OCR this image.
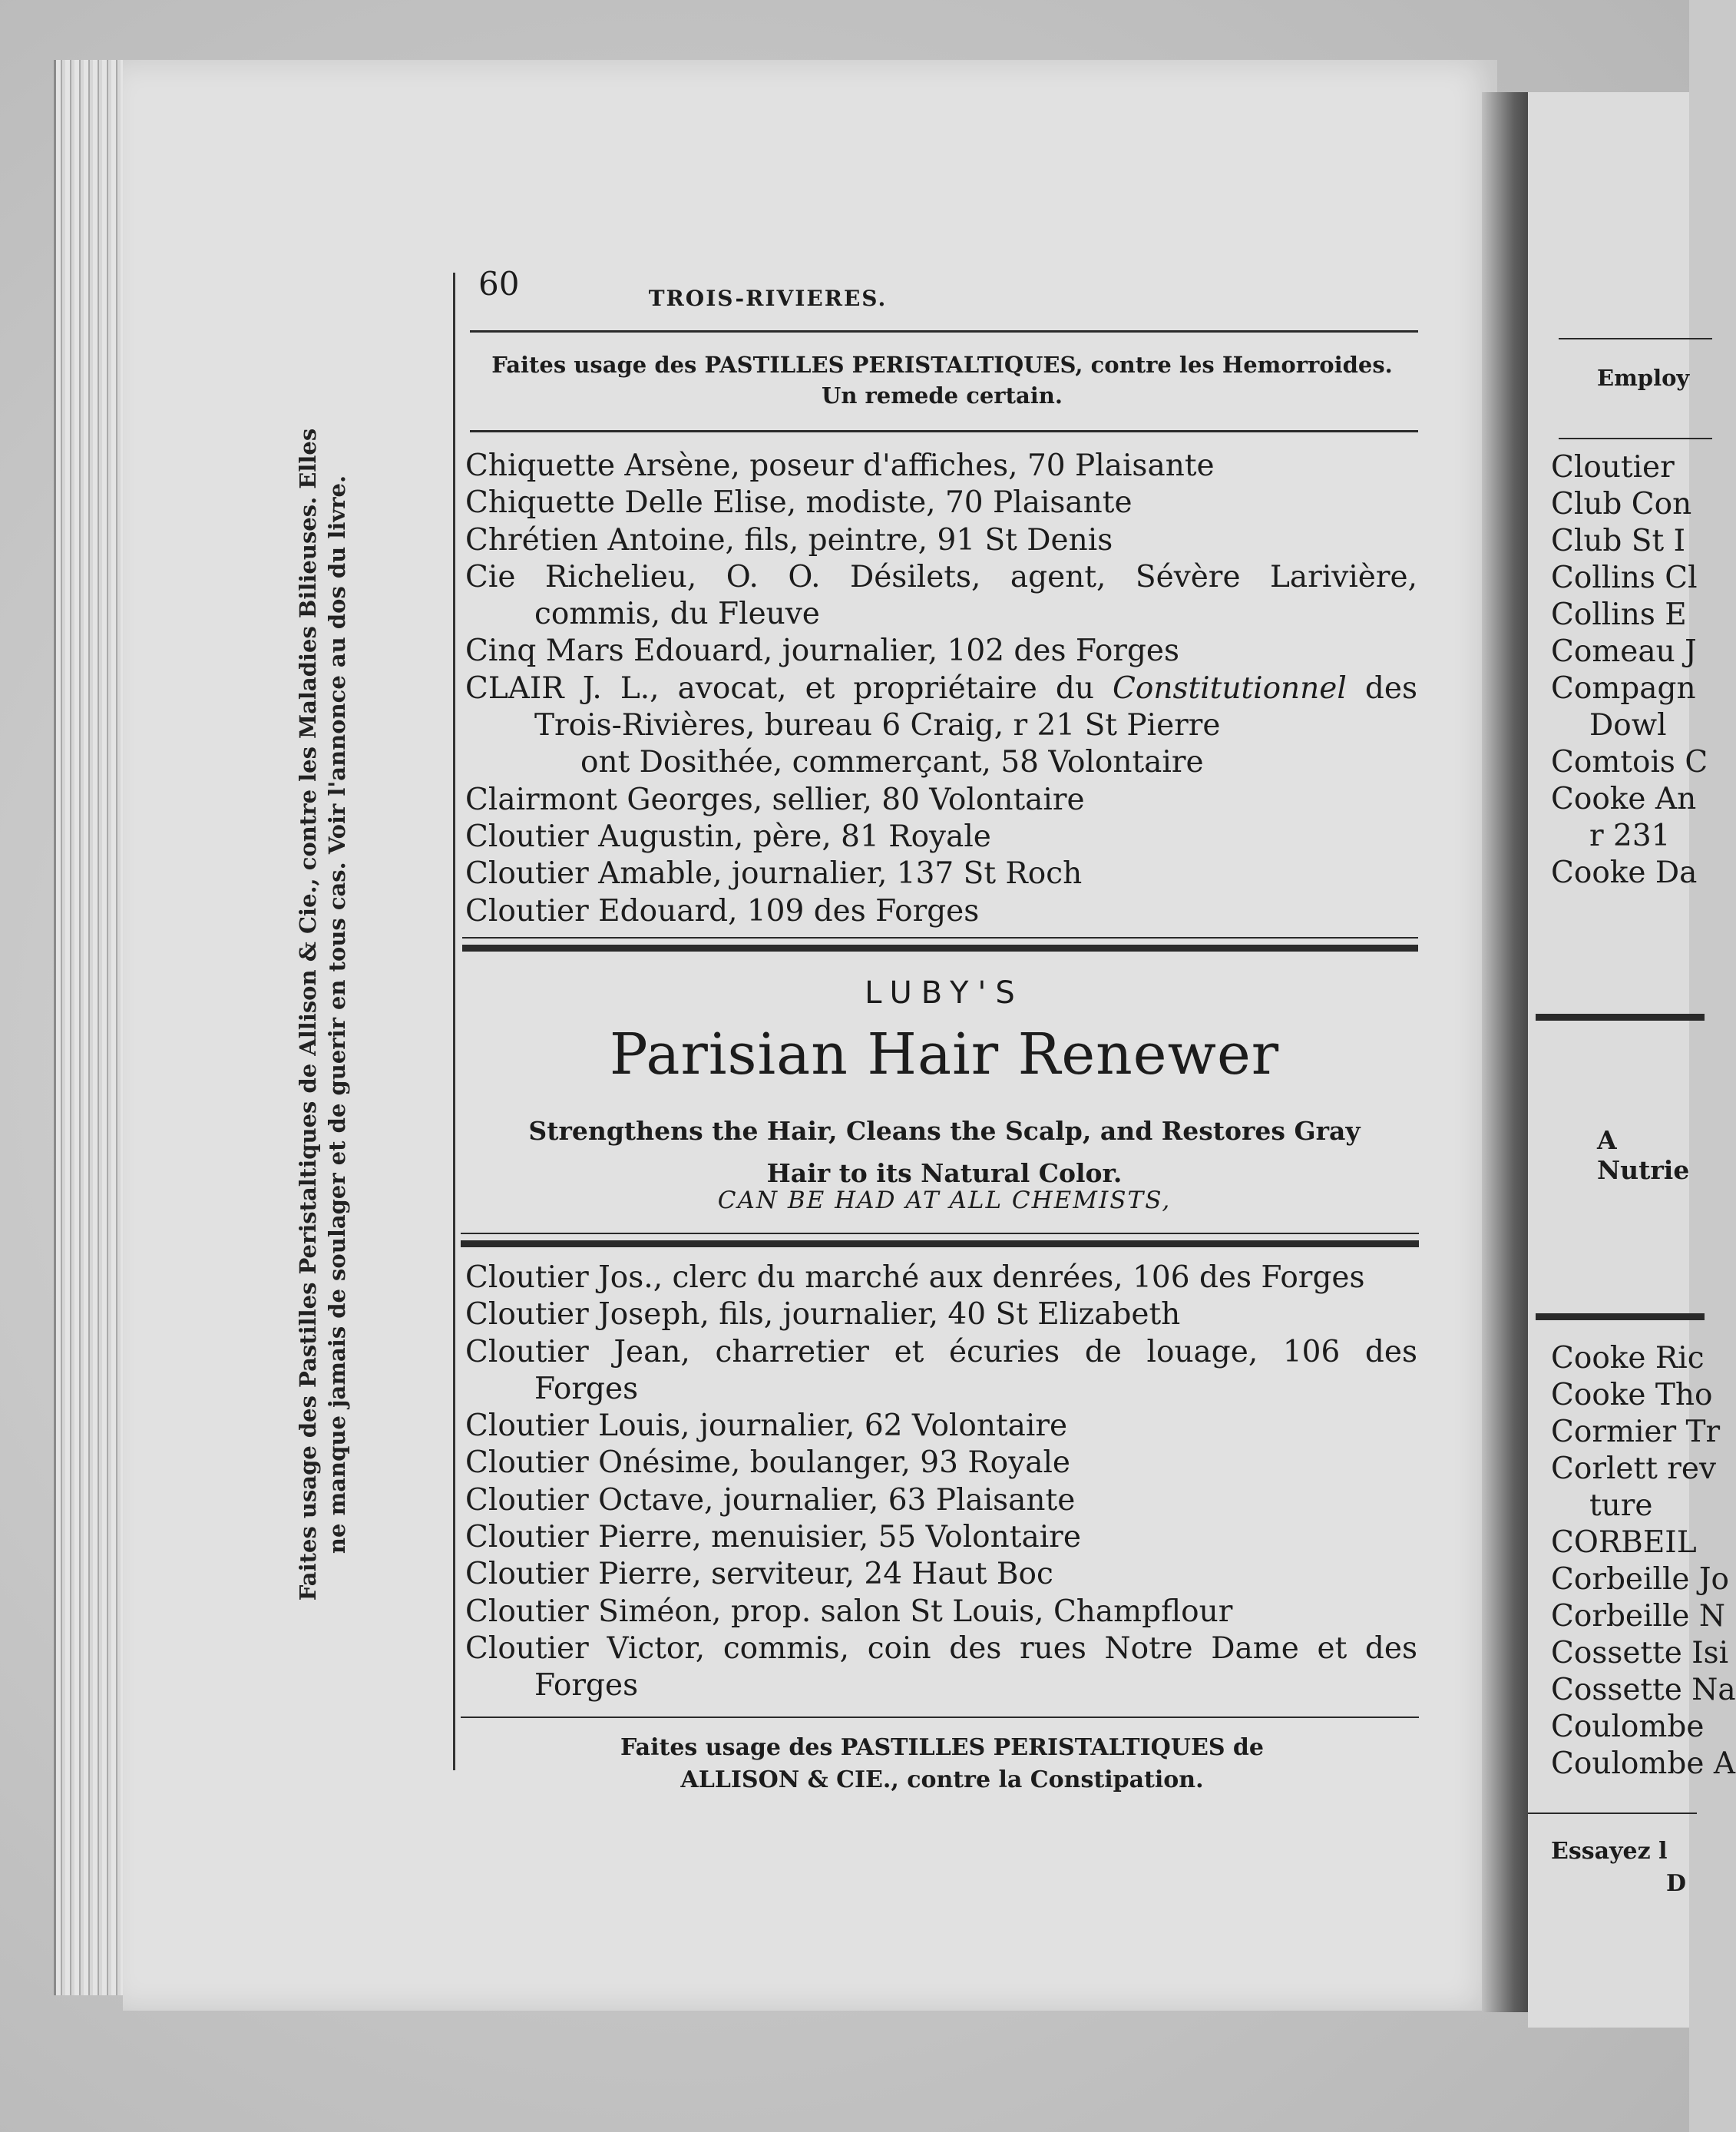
Employ
Cloutier
Club Con
Club St I
Collins Cl
Collins E
Comeau J
Compagn
Dowl
Comtois C
Cooke An
r 231
Cooke Da
A Nutrie
Cooke Ric
Cooke Tho
Cormier Tr
Corlett rev
ture
CORBEIL
Corbeille Jo
Corbeille N
Cossette Isi
Cossette Na
Coulombe
Coulombe A
Essayez l
D
Faites usage des Pastilles Peristaltiques de Allison & Cie., contre les Maladies Bilieuses. Elles ne manque jamais de soulager et de guerir en tous cas. Voir l'annonce au dos du livre.
60	TROIS-RIVIERES.
Faites usage des PASTILLES PERISTALTIQUES, contre les Hemorroides.
Un remede certain.
Chiquette Arsène, poseur d'affiches, 70 Plaisante
Chiquette Delle Elise, modiste, 70 Plaisante
Chrétien Antoine, fils, peintre, 91 St Denis
Cie Richelieu, O. O. Désilets, agent, Sévère Larivière,
commis, du Fleuve
Cinq Mars Edouard, journalier, 102 des Forges
CLAIR J. L., avocat, et propriétaire du Constitutionnel des
Trois-Rivières, bureau 6 Craig, r 21 St Pierre
ont Dosithée, commerçant, 58 Volontaire
Clairmont Georges, sellier, 80 Volontaire
Cloutier Augustin, père, 81 Royale
Cloutier Amable, journalier, 137 St Roch
Cloutier Edouard, 109 des Forges
LUBY'S
Parisian Hair Renewer
Strengthens the Hair, Cleans the Scalp, and Restores Gray
Hair to its Natural Color.
CAN BE HAD AT ALL CHEMISTS,
Cloutier Jos., clerc du marché aux denrées, 106 des Forges
Cloutier Joseph, fils, journalier, 40 St Elizabeth
Cloutier Jean, charretier et écuries de louage, 106 des
Forges
Cloutier Louis, journalier, 62 Volontaire
Cloutier Onésime, boulanger, 93 Royale
Cloutier Octave, journalier, 63 Plaisante
Cloutier Pierre, menuisier, 55 Volontaire
Cloutier Pierre, serviteur, 24 Haut Boc
Cloutier Siméon, prop. salon St Louis, Champflour
Cloutier Victor, commis, coin des rues Notre Dame et des
Forges
Faites usage des PASTILLES PERISTALTIQUES de
ALLISON & CIE., contre la Constipation.
